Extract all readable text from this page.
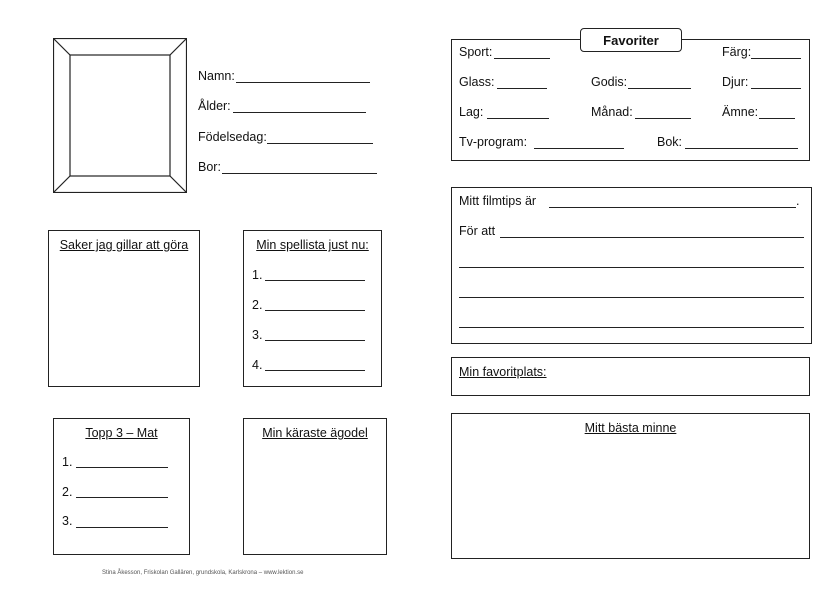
Namn:
Ålder:
Födelsedag:
Bor:
Saker jag gillar att göra	Min spellista just nu:
1.
2.
3.
4.
Topp 3 – Mat
1.
2.
3.
Min käraste ägodel
Sport:	Färg:
Glass:	Godis:	Djur:
Lag:	Månad:	Ämne:
Tv-program:	Bok:
Favoriter
Mitt filmtips är	.
För att
Min favoritplats:
Mitt bästa minne
Stina Åkesson, Friskolan Gallären, grundskola, Karlskrona – www.lektion.se
